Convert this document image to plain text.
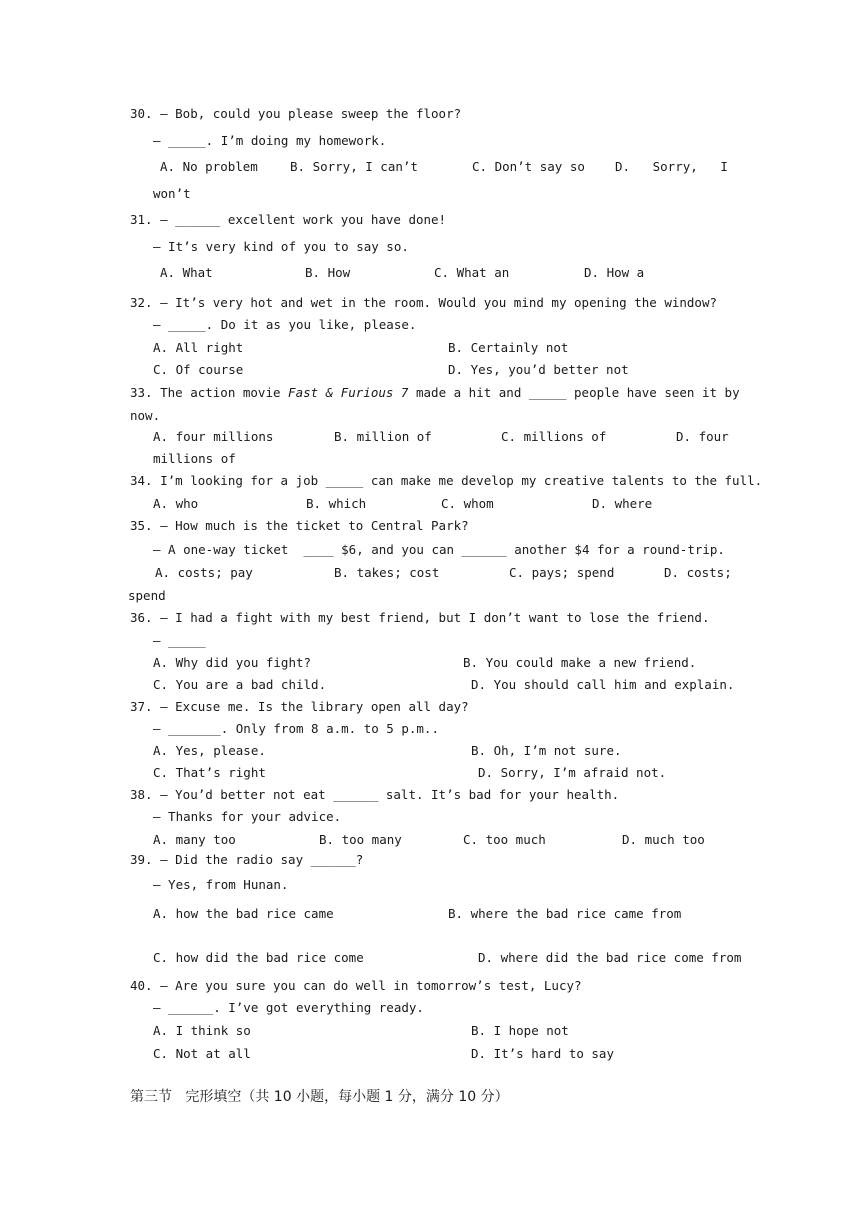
30. — Bob, could you please sweep the floor?
— _____. I’m doing my homework.
A. No problem	B. Sorry, I can’t	C. Don’t say so D.   Sorry,   I
won’t
31. — ______ excellent work you have done!
— It’s very kind of you to say so.
A. What	B. How	C. What an	D. How a
32. — It’s very hot and wet in the room. Would you mind my opening the window?
— _____. Do it as you like, please.
A. All right	B. Certainly not
C. Of course	D. Yes, you’d better not
33. The action movie Fast & Furious 7 made a hit and _____ people have seen it by
now.
A. four millions	B. million of	C. millions of	D. four
millions of
34. I’m looking for a job _____ can make me develop my creative talents to the full.
A. who	B. which	C. whom	D. where
35. — How much is the ticket to Central Park?
— A one-way ticket  ____ $6, and you can ______ another $4 for a round-trip.
A. costs; pay	B. takes; cost	C. pays; spend	D. costs;
spend
36. — I had a fight with my best friend, but I don’t want to lose the friend.
— _____
A. Why did you fight?	B. You could make a new friend.
C. You are a bad child.	D. You should call him and explain.
37. — Excuse me. Is the library open all day?
— _______. Only from 8 a.m. to 5 p.m..
A. Yes, please.	B. Oh, I’m not sure.
C. That’s right	D. Sorry, I’m afraid not.
38. — You’d better not eat ______ salt. It’s bad for your health.
— Thanks for your advice.
A. many too	B. too many	C. too much	D. much too
39. — Did the radio say ______?
— Yes, from Hunan.
A. how the bad rice came	B. where the bad rice came from
C. how did the bad rice come	D. where did the bad rice come from
40. — Are you sure you can do well in tomorrow’s test, Lucy?
— ______. I’ve got everything ready.
A. I think so	B. I hope not
C. Not at all	D. It’s hard to say
第三节   完形填空（共 10 小题，每小题 1 分，满分 10 分）
